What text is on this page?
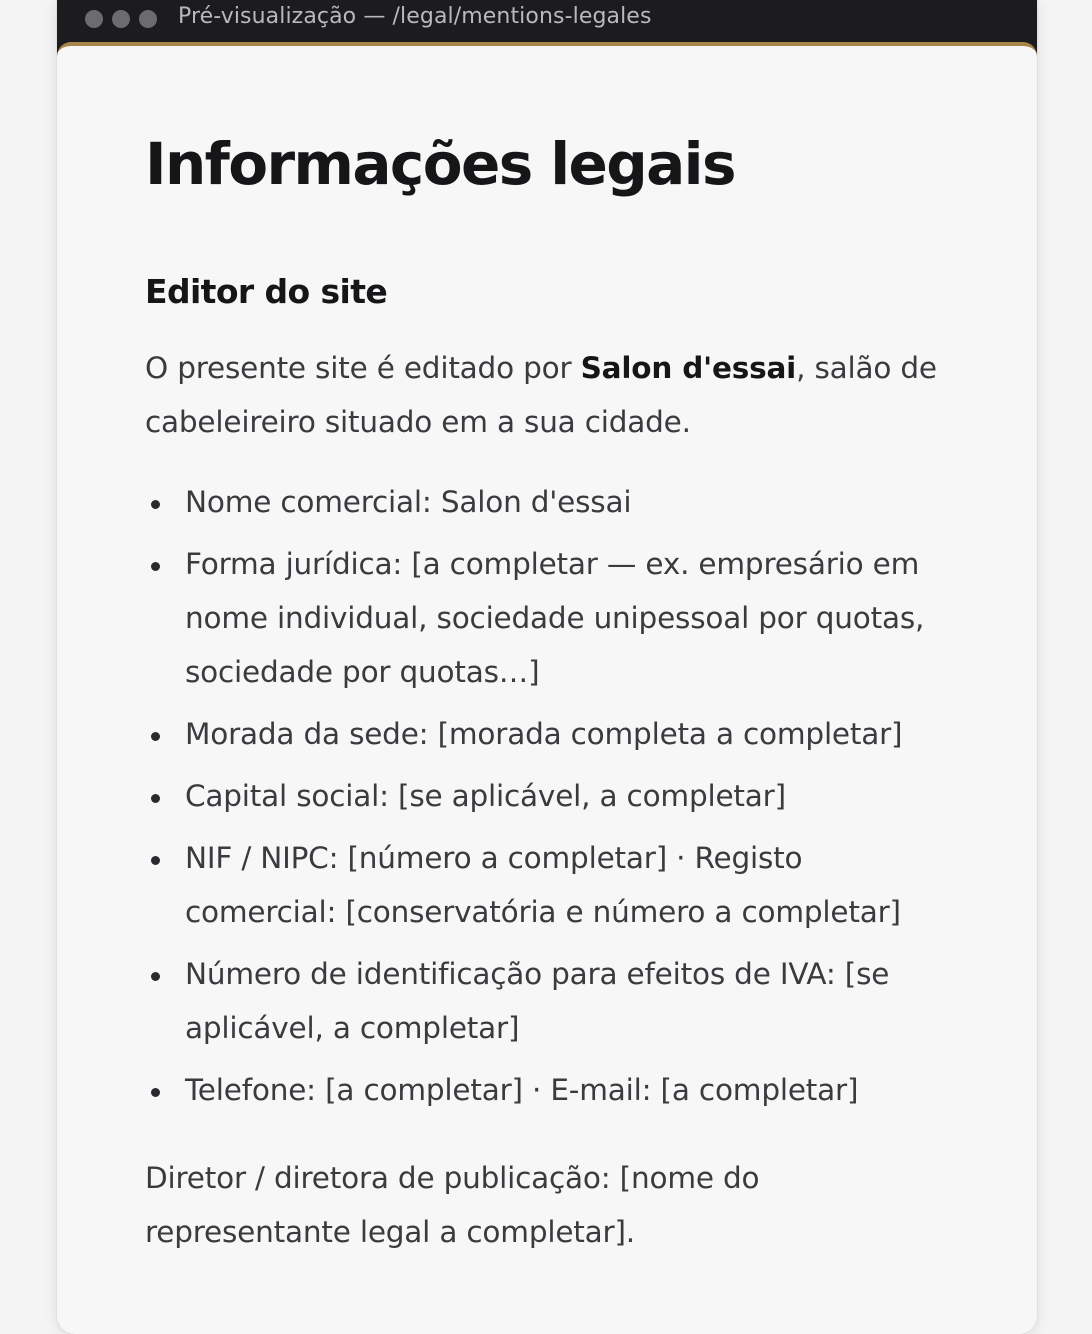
Pré-visualização — /legal/mentions-legales
Informações legais
Editor do site

O presente site é editado por Salon d'essai, salão de cabeleireiro situado em a sua cidade.

Nome comercial: Salon d'essai
Forma jurídica: [a completar — ex. empresário em nome individual, sociedade unipessoal por quotas, sociedade por quotas…]
Morada da sede: [morada completa a completar]
Capital social: [se aplicável, a completar]
NIF / NIPC: [número a completar] · Registo comercial: [conservatória e número a completar]
Número de identificação para efeitos de IVA: [se aplicável, a completar]
Telefone: [a completar] · E-mail: [a completar]

Diretor / diretora de publicação: [nome do representante legal a completar].
